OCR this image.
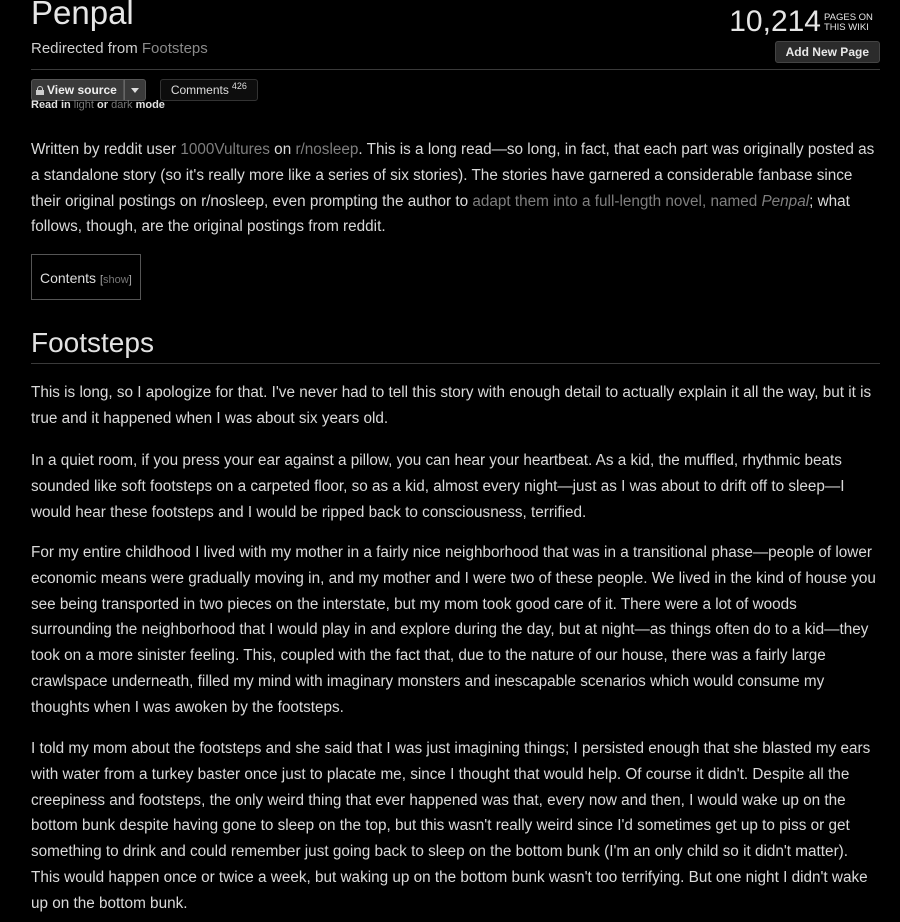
Penpal
Redirected from Footsteps
10,214 PAGES ON THIS WIKI
Add New Page
View source	Comments 426
Read in light or dark mode

Written by reddit user 1000Vultures on r/nosleep. This is a long read—so long, in fact, that each part was originally posted as a standalone story (so it's really more like a series of six stories). The stories have garnered a considerable fanbase since their original postings on r/nosleep, even prompting the author to adapt them into a full-length novel, named Penpal; what follows, though, are the original postings from reddit.

Contents [show]
Footsteps

This is long, so I apologize for that. I've never had to tell this story with enough detail to actually explain it all the way, but it is true and it happened when I was about six years old.

In a quiet room, if you press your ear against a pillow, you can hear your heartbeat. As a kid, the muffled, rhythmic beats sounded like soft footsteps on a carpeted floor, so as a kid, almost every night—just as I was about to drift off to sleep—I would hear these footsteps and I would be ripped back to consciousness, terrified.

For my entire childhood I lived with my mother in a fairly nice neighborhood that was in a transitional phase—people of lower economic means were gradually moving in, and my mother and I were two of these people. We lived in the kind of house you see being transported in two pieces on the interstate, but my mom took good care of it. There were a lot of woods surrounding the neighborhood that I would play in and explore during the day, but at night—as things often do to a kid—they took on a more sinister feeling. This, coupled with the fact that, due to the nature of our house, there was a fairly large crawlspace underneath, filled my mind with imaginary monsters and inescapable scenarios which would consume my thoughts when I was awoken by the footsteps.

I told my mom about the footsteps and she said that I was just imagining things; I persisted enough that she blasted my ears with water from a turkey baster once just to placate me, since I thought that would help. Of course it didn't. Despite all the creepiness and footsteps, the only weird thing that ever happened was that, every now and then, I would wake up on the bottom bunk despite having gone to sleep on the top, but this wasn't really weird since I'd sometimes get up to piss or get something to drink and could remember just going back to sleep on the bottom bunk (I'm an only child so it didn't matter). This would happen once or twice a week, but waking up on the bottom bunk wasn't too terrifying. But one night I didn't wake up on the bottom bunk.
